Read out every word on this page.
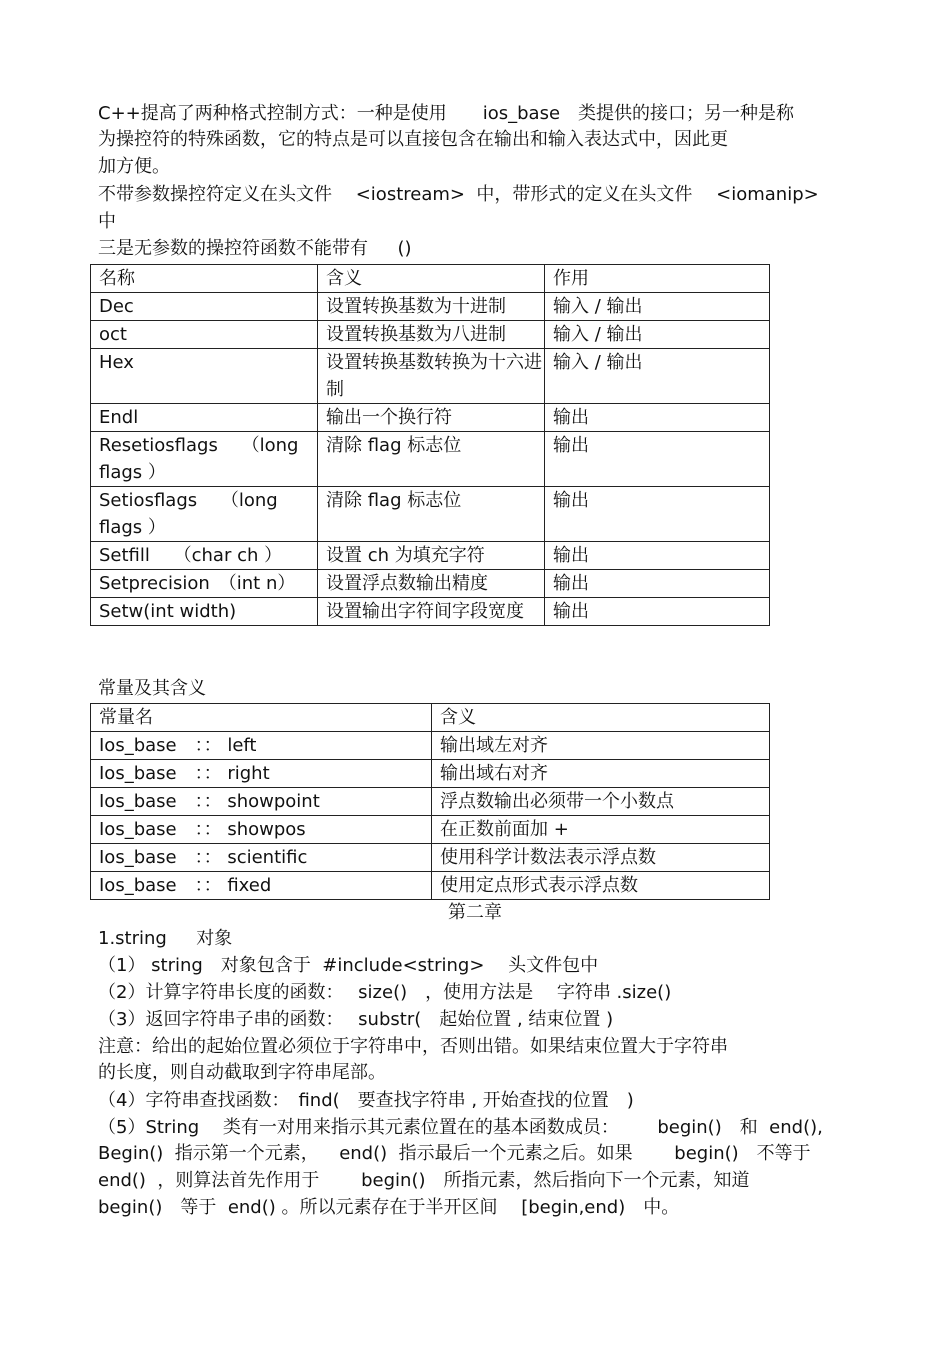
C++提高了两种格式控制方式：一种是使用　　ios_base　类提供的接口；另一种是称
为操控符的特殊函数，它的特点是可以直接包含在输出和输入表达式中，因此更
加方便。
不带参数操控符定义在头文件　 <iostream>  中，带形式的定义在头文件　 <iomanip>
中
三是无参数的操控符函数不能带有　  ()
名称	含义	作用
Dec	设置转换基数为十进制	输入 / 输出
oct	设置转换基数为八进制	输入 / 输出
Hex	设置转换基数转换为十六进制	输入 / 输出
Endl	输出一个换行符	输出

Resetiosflags　 （long flags ）	清除 flag 标志位	输出

Setiosflags　 （long flags ）	清除 flag 标志位	输出
Setfill　 （char ch ）	设置 ch 为填充字符	输出

Setprecision　（int n）	设置浮点数输出精度	输出
Setw(int width)	设置输出字符间字段宽度	输出
常量及其含义
常量名	含义
Ios_base　：： left	输出域左对齐
Ios_base　：： right	输出域右对齐
Ios_base　：： showpoint	浮点数输出必须带一个小数点
Ios_base　：： showpos	在正数前面加 +
Ios_base　：： scientific	使用科学计数法表示浮点数
Ios_base　：： fixed	使用定点形式表示浮点数
第二章
1.string　  对象
（1） string　对象包含于  #include<string>　 头文件包中
（2）计算字符串长度的函数：　 size()　，使用方法是　 字符串 .size()
（3）返回字符串子串的函数：　 substr(　起始位置 , 结束位置 )
注意：给出的起始位置必须位于字符串中，否则出错。如果结束位置大于字符串
的长度，则自动截取到字符串尾部。
（4）字符串查找函数：　find(　要查找字符串 , 开始查找的位置　)
（5）String　 类有一对用来指示其元素位置在的基本函数成员：　　  begin()　和  end(),
Begin()  指示第一个元素，　  end()  指示最后一个元素之后。如果　　 begin()　不等于
end()  ，则算法首先作用于　　 begin()　所指元素，然后指向下一个元素，知道
begin()　等于  end() 。所以元素存在于半开区间　 [begin,end)　中。
